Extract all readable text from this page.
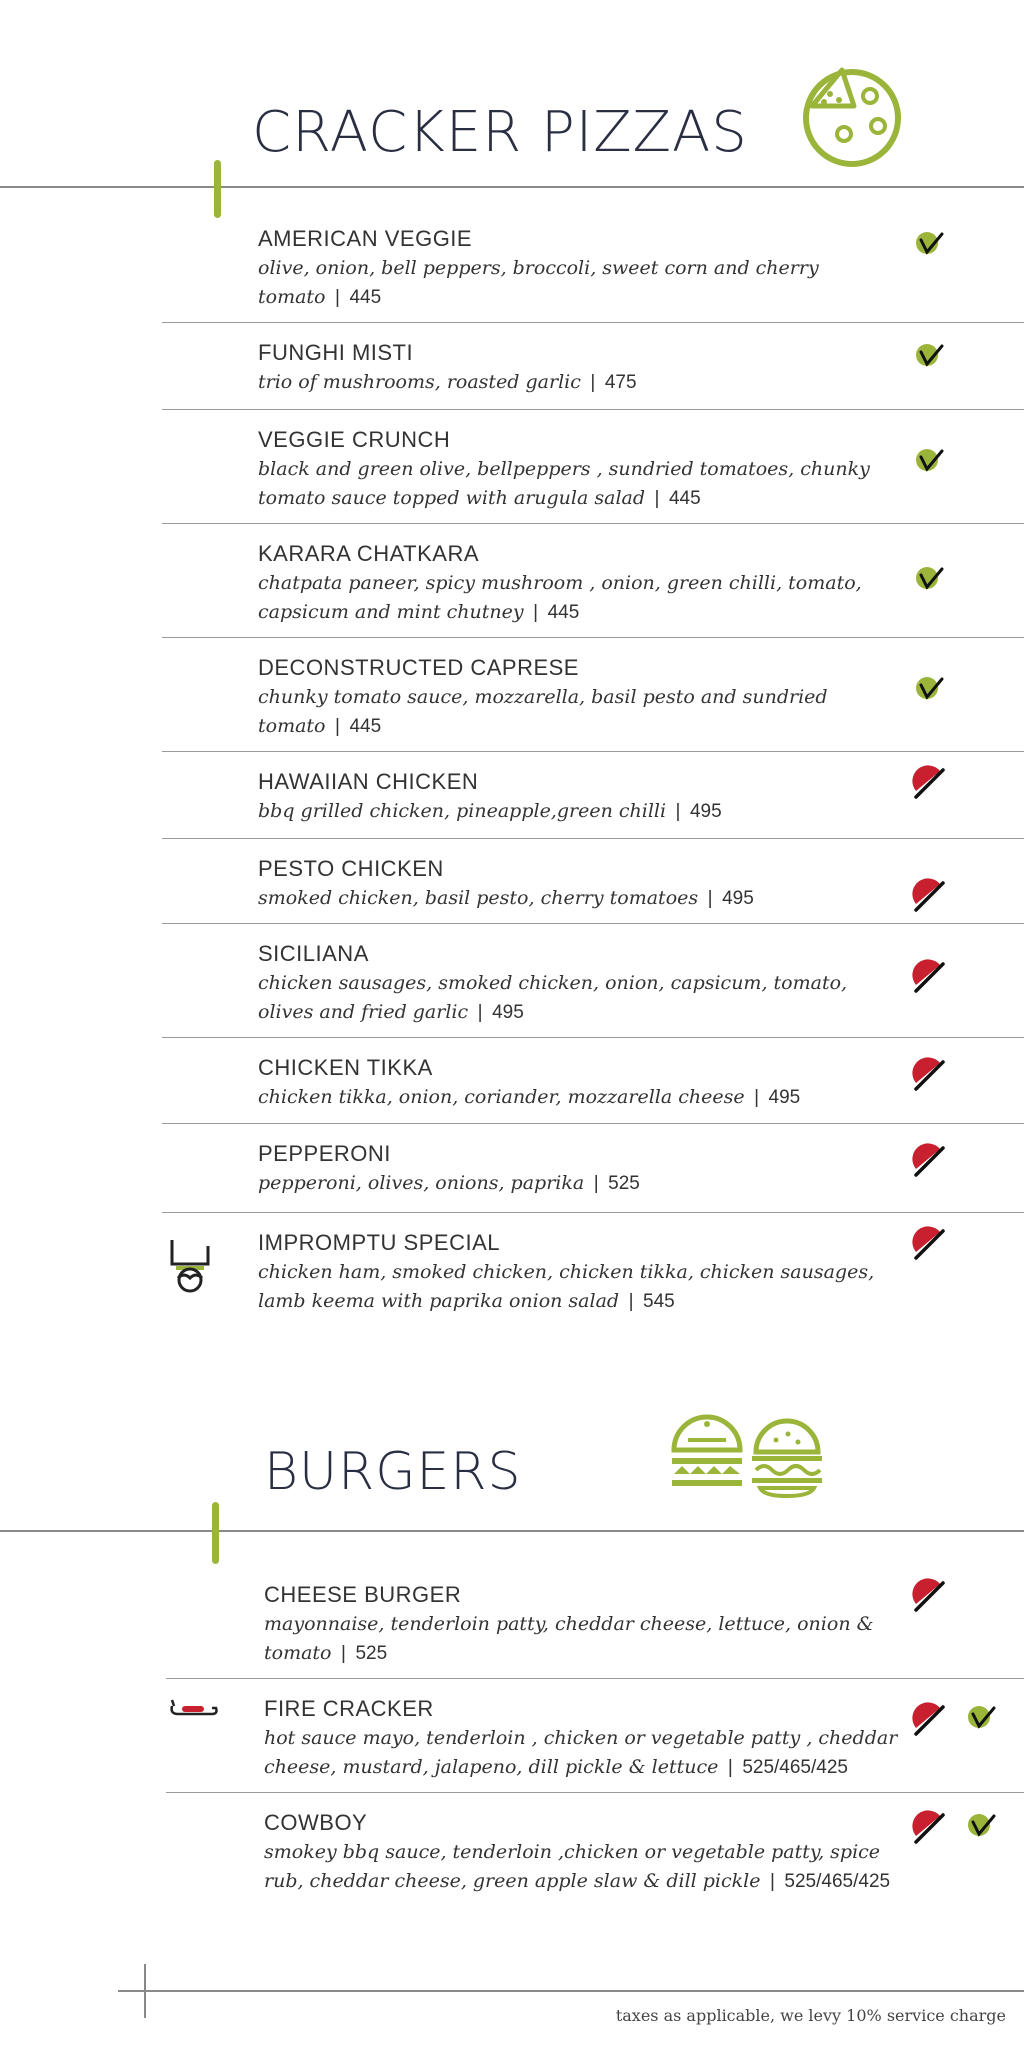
CRACKER PIZZAS
AMERICAN VEGGIE
olive, onion, bell peppers, broccoli, sweet corn and cherry tomato | 445
FUNGHI MISTI
trio of mushrooms, roasted garlic | 475
VEGGIE CRUNCH
black and green olive, bellpeppers , sundried tomatoes, chunky tomato sauce topped with arugula salad | 445
KARARA CHATKARA
chatpata paneer, spicy mushroom , onion, green chilli, tomato, capsicum and mint chutney | 445
DECONSTRUCTED CAPRESE
chunky tomato sauce, mozzarella, basil pesto and sundried tomato | 445
HAWAIIAN CHICKEN
bbq grilled chicken, pineapple,green chilli | 495
PESTO CHICKEN
smoked chicken, basil pesto, cherry tomatoes | 495
SICILIANA
chicken sausages, smoked chicken, onion, capsicum, tomato, olives and fried garlic | 495
CHICKEN TIKKA
chicken tikka, onion, coriander, mozzarella cheese | 495
PEPPERONI
pepperoni, olives, onions, paprika | 525
IMPROMPTU SPECIAL
chicken ham, smoked chicken, chicken tikka, chicken sausages, lamb keema with paprika onion salad | 545
BURGERS
CHEESE BURGER
mayonnaise, tenderloin patty, cheddar cheese, lettuce, onion & tomato | 525
FIRE CRACKER
hot sauce mayo, tenderloin , chicken or vegetable patty , cheddar cheese, mustard, jalapeno, dill pickle & lettuce | 525/465/425
COWBOY
smokey bbq sauce, tenderloin ,chicken or vegetable patty, spice rub, cheddar cheese, green apple slaw & dill pickle | 525/465/425
taxes as applicable, we levy 10% service charge
